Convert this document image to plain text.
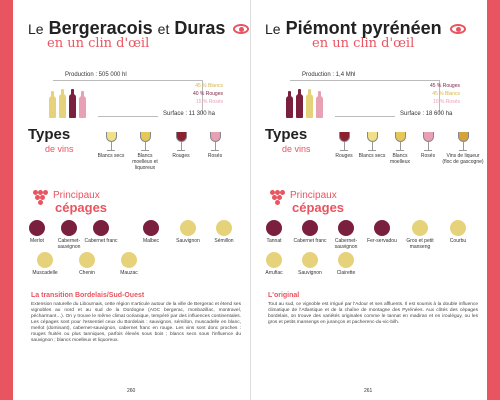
Le Bergeracois et Duras
en un clin d'œil
Production : 505 000 hl
45 % Blancs
40 % Rouges
15 % Rosés
Surface : 11 300 ha
Types
de vins
Blancs secs	Blancs moelleux et liquoreux
Rouges	Rosés
Principaux
cépages
Merlot	Cabernet-sauvignon
Cabernet franc	Malbec	Sauvignon	Sémillon
Muscadelle	Chenin	Mauzac
La transition Bordelais/Sud-Ouest
Extension naturelle du Libournais, cette région s'articule autour de la ville de Bergerac et étend ses vignobles au nord et au sud de la Dordogne (AOC bergerac, monbazillac, montravel, pécharmant…). On y trouve le même climat océanique, tempéré par des influences continentales. Les cépages sont pour l'essentiel ceux du Bordelais : sauvignon, sémillon, muscadelle en blanc, merlot (dominant), cabernet-sauvignon, cabernet franc en rouge. Les vins sont donc proches : rouges fruités ou plus tanniques, parfois élevés sous bois ; blancs secs sous l'influence du sauvignon ; blancs moelleux et liquoreux.
260
Le Piémont pyrénéen
en un clin d'œil
Production : 1,4 Mhl
45 % Rouges
45 % Blancs
10 % Rosés
Surface : 18 600 ha
Types
de vins
Rouges	Blancs secs	Blancs moelleux
Rosés	Vins de liqueur (floc de gascogne)
Principaux
cépages
Tannat	Cabernet franc	Cabernet-sauvignon
Fer-servadou	Gros et petit manseng
Courbu
Arrufiac	Sauvignon	Clairette
L'original
Tout au sud, ce vignoble est irrigué par l'Adour et ses affluents. Il est soumis à la double influence climatique de l'Atlantique et de la chaîne de montagne des Pyrénées. Aux côtés des cépages bordelais, on trouve des variétés originales comme le tannat en madiran et en irouléguy, ou les gros et petits mansengs en jurançon et pacherenc-du-vic-bilh.
261
